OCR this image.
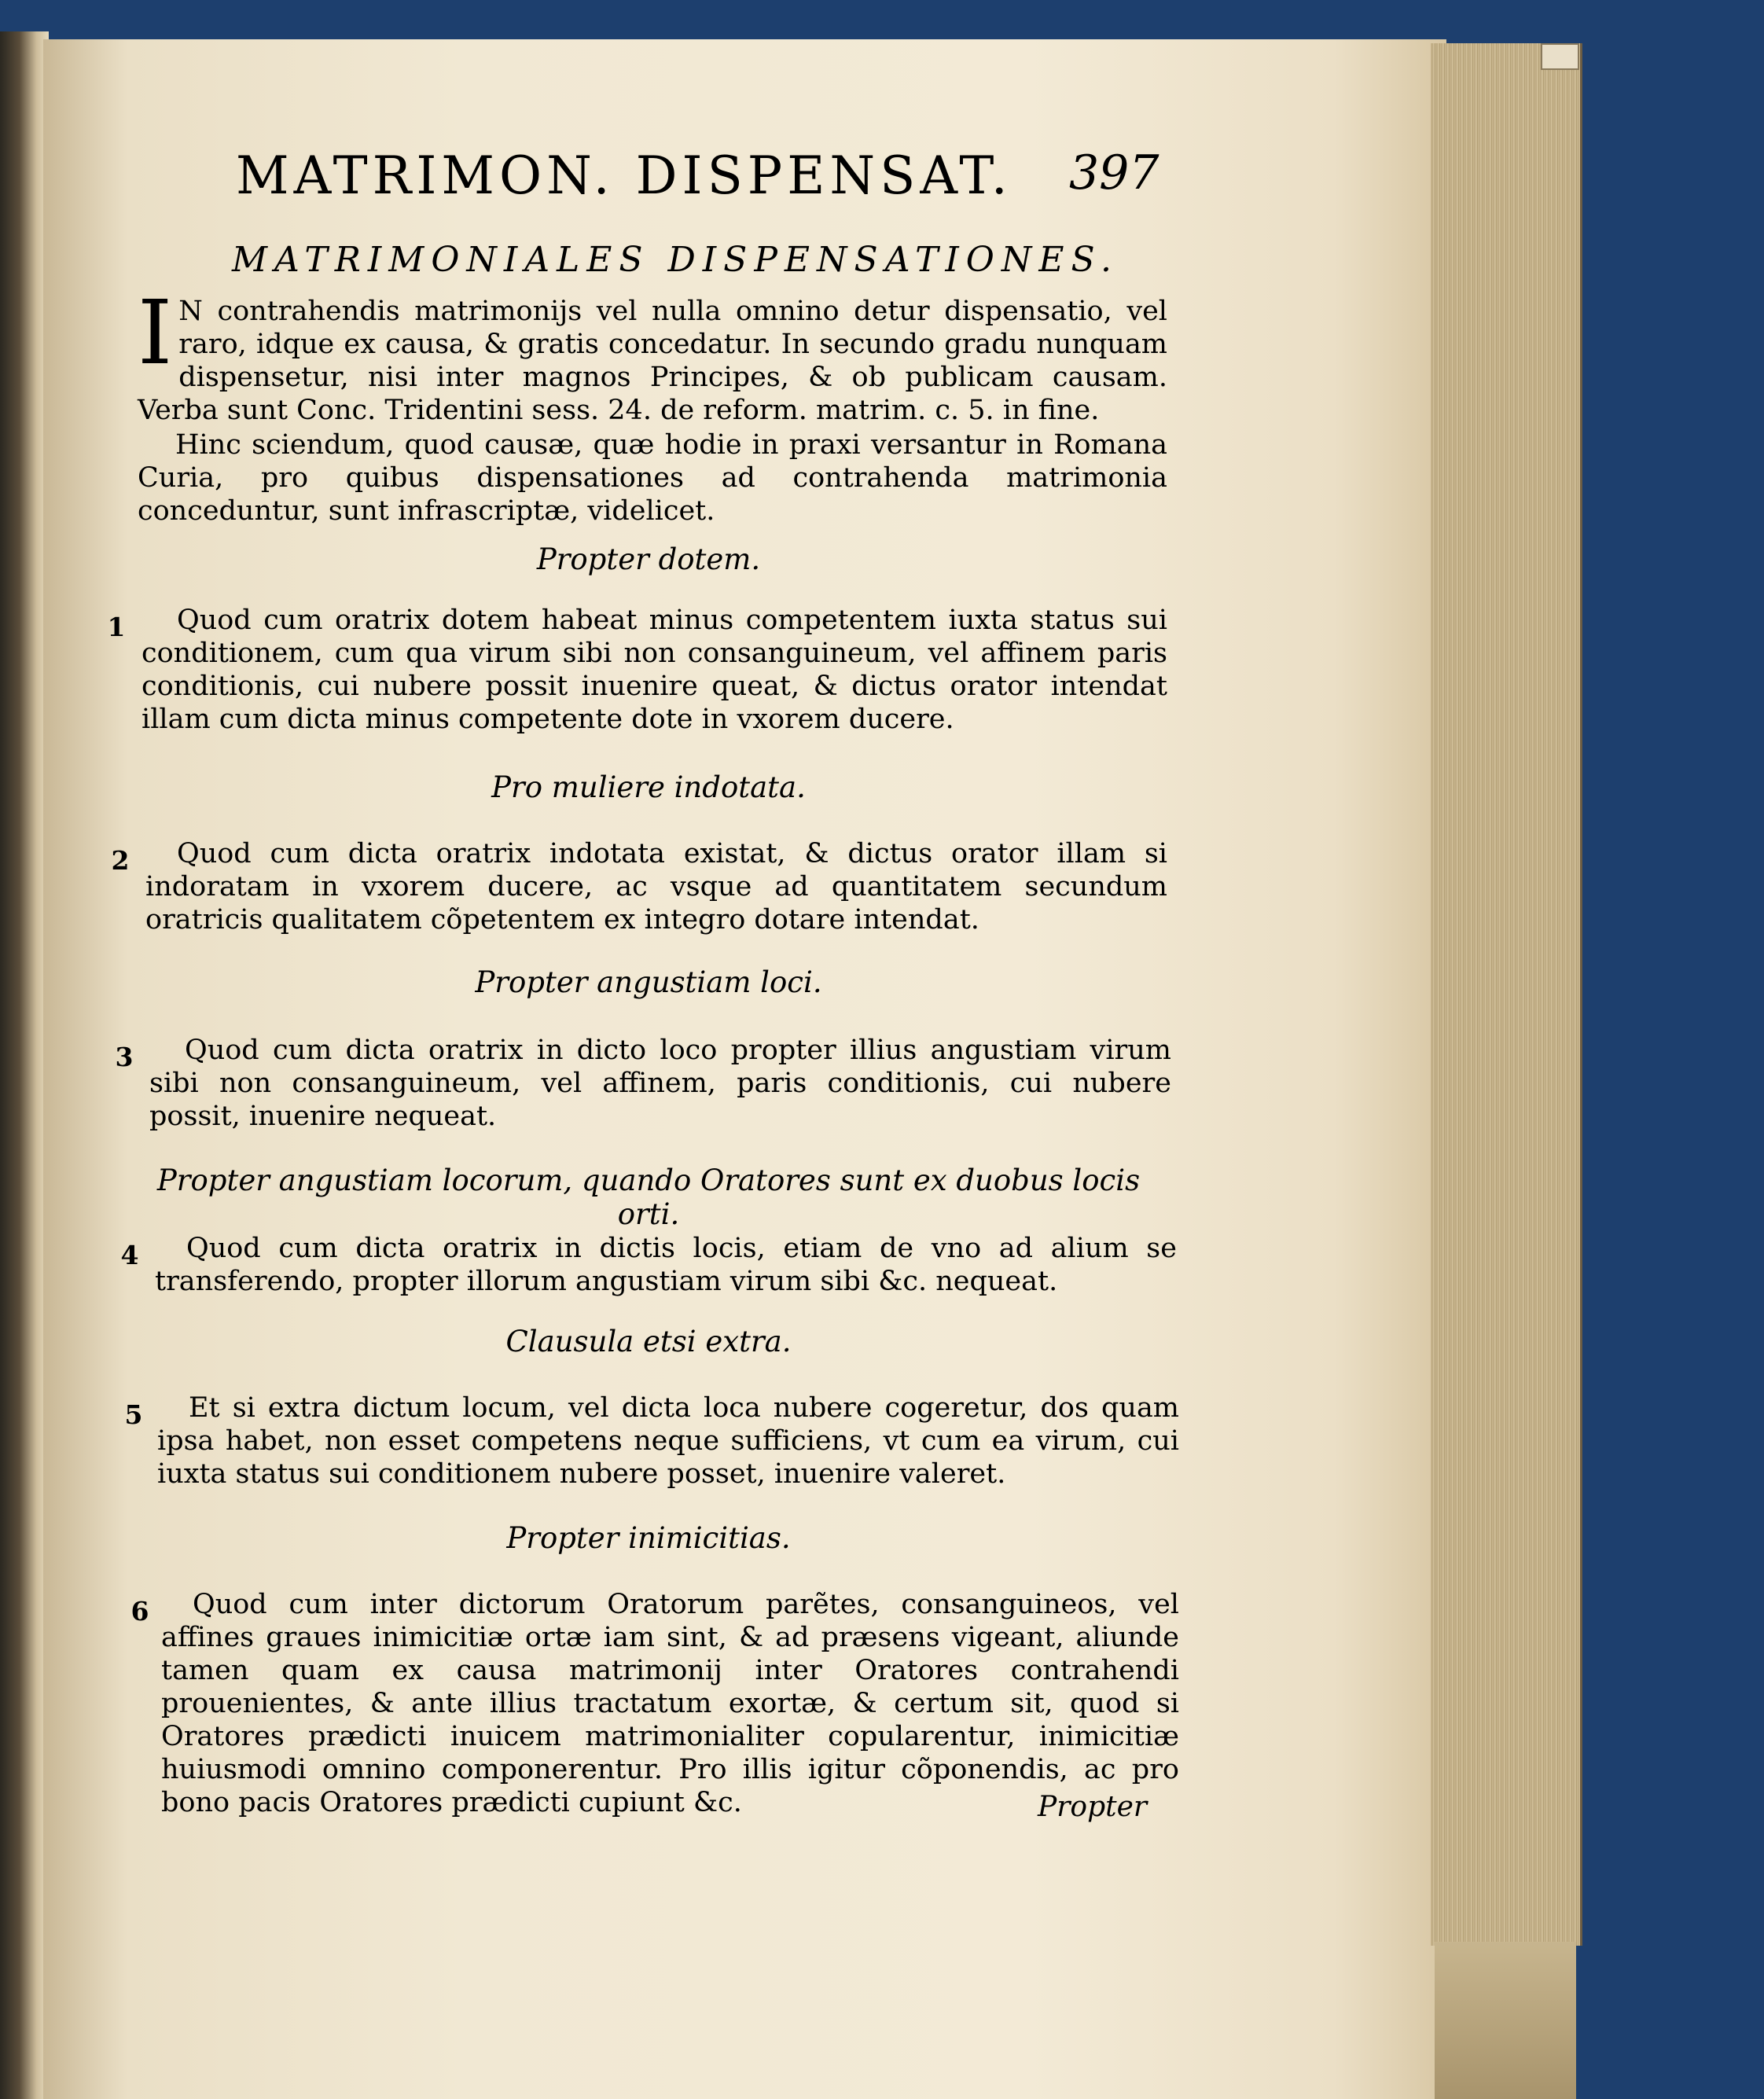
MATRIMON. DISPENSAT. 397
MATRIMONIALES DISPENSATIONES.

I N contrahendis matrimonijs vel nulla omnino detur dispensatio, vel raro, idque ex causa, & gratis concedatur. In secundo gradu nunquam dispensetur, nisi inter magnos Principes, & ob publicam causam. Verba sunt Conc. Tridentini sess. 24. de reform. matrim. c. 5. in fine.

Hinc sciendum, quod causæ, quæ hodie in praxi versantur in Romana Curia, pro quibus dispensationes ad contrahenda matrimonia conceduntur, sunt infrascriptæ, videlicet.

Propter dotem.
1	Quod cum oratrix dotem habeat minus competentem iuxta status sui conditionem, cum qua virum sibi non consanguineum, vel affinem paris conditionis, cui nubere possit inuenire queat, & dictus orator intendat illam cum dicta minus competente dote in vxorem ducere.

Pro muliere indotata.
2	Quod cum dicta oratrix indotata existat, & dictus orator illam si indoratam in vxorem ducere, ac vsque ad quantitatem secundum oratricis qualitatem cõpetentem ex integro dotare intendat.

Propter angustiam loci.
3	Quod cum dicta oratrix in dicto loco propter illius angustiam virum sibi non consanguineum, vel affinem, paris conditionis, cui nubere possit, inuenire nequeat.

Propter angustiam locorum, quando Oratores sunt ex duobus locis orti.
4	Quod cum dicta oratrix in dictis locis, etiam de vno ad alium se transferendo, propter illorum angustiam virum sibi &c. nequeat.

Clausula etsi extra.
5	Et si extra dictum locum, vel dicta loca nubere cogeretur, dos quam ipsa habet, non esset competens neque sufficiens, vt cum ea virum, cui iuxta status sui conditionem nubere posset, inuenire valeret.

Propter inimicitias.
6	Quod cum inter dictorum Oratorum parẽtes, consanguineos, vel affines graues inimicitiæ ortæ iam sint, & ad præsens vigeant, aliunde tamen quam ex causa matrimonij inter Oratores contrahendi prouenientes, & ante illius tractatum exortæ, & certum sit, quod si Oratores prædicti inuicem matrimonialiter copularentur, inimicitiæ huiusmodi omnino componerentur. Pro illis igitur cõponendis, ac pro bono pacis Oratores prædicti cupiunt &c.	Propter
